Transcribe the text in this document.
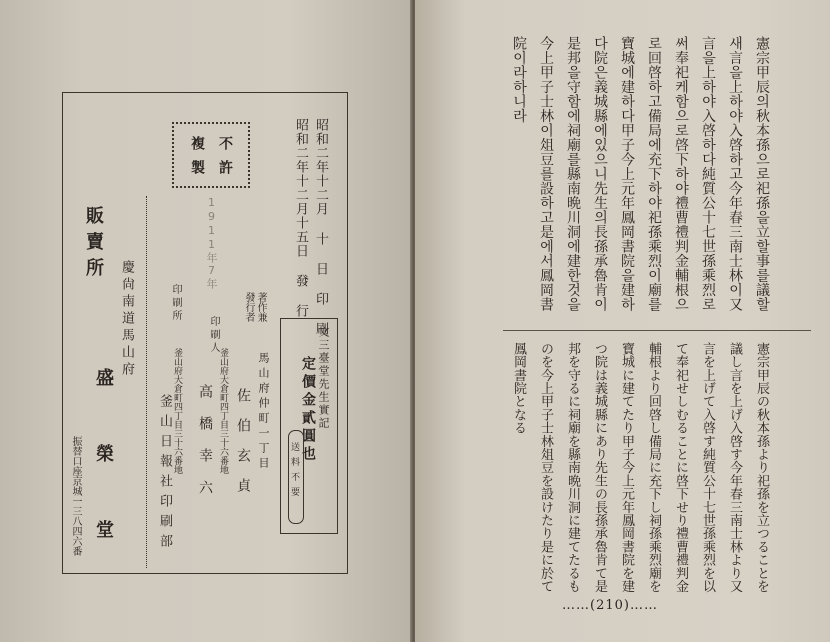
昭和二年十二月 十 日 印 刷
昭和二年十二月十五日 發 行
不許
複製
1911年7年
販賣所
慶尙南道馬山府
盛
榮
堂
振替口座京城一三八四六番
著作兼
發行者
馬山府仲町一丁目
佐伯玄貞
印刷人
釜山府大倉町四丁目三十六番地
釜山府大倉町四丁目三十六番地 高橋幸六
印刷所
釜山日報社印刷部
文三臺堂先生實記
定價金貳圓也
送料不要
憲宗甲辰의秋本孫으로祀孫을立할事를議할
새言을上하야入啓하고今年春三南士林이又
言을上하야入啓하다純質公十七世孫乘烈로
써奉祀케함으로啓下하야禮曹禮判金輔根으
로回啓하고備局에充下하야祀孫乘烈이廟를
寶城에建하다甲子今上元年鳳岡書院을建하
다院은義城縣에있으니先生의長孫承魯肯이
是邦을守함에祠廟를縣南晩川洞에建한것을
今上甲子士林이俎豆를設하고是에서鳳岡書
院이라하니라
憲宗甲辰の秋本孫より祀孫を立つることを
議し言を上げ入啓す今年春三南士林より又
言を上げて入啓す純質公十七世孫乘烈を以
て奉祀せしむることに啓下せり禮曹禮判金
輔根より回啓し備局に充下し祠孫乘烈廟を
寶城に建てたり甲子今上元年鳳岡書院を建
つ院は義城縣にあり先生の長孫承魯肯て是
邦を守るに祠廟を縣南晩川洞に建てたるも
のを今上甲子士林俎豆を設けたり是に於て
鳳岡書院となる
……(210)……
